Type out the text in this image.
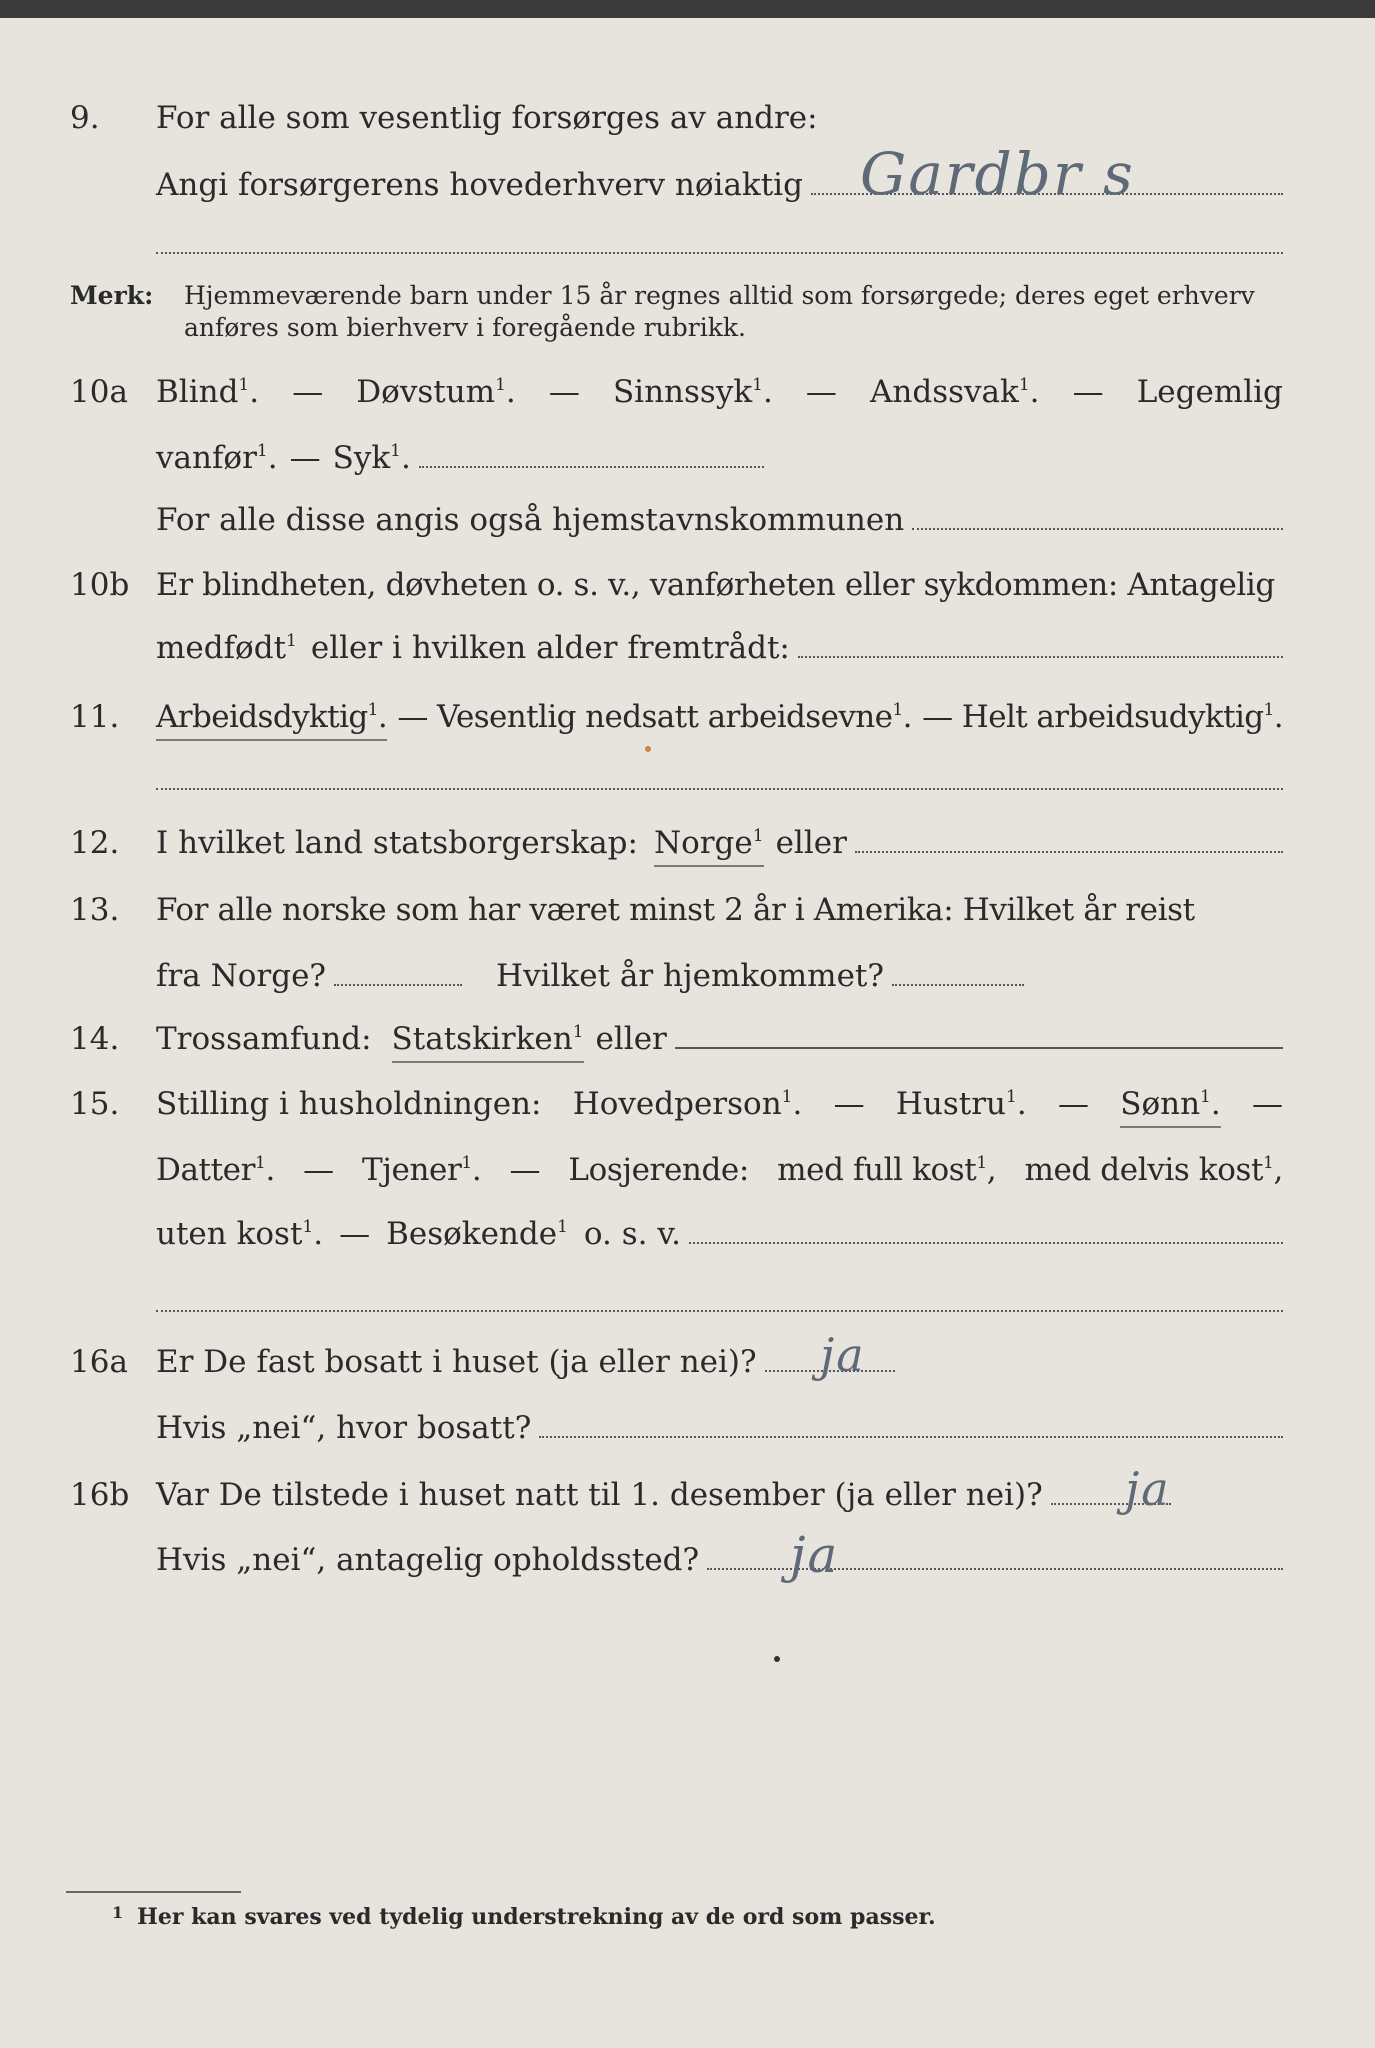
9. For alle som vesentlig forsørges av andre:
Angi forsørgerens hovederhverv nøiaktig Gardbr s
Merk: Hjemmeværende barn under 15 år regnes alltid som forsørgede; deres eget erhverv
anføres som bierhverv i foregående rubrikk.
10a Blind$^1$. — Døvstum$^1$. — Sinnssyk$^1$. — Andssvak$^1$. — Legemlig
vanfør$^1$. — Syk$^1$.
For alle disse angis også hjemstavnskommunen
10b Er blindheten, døvheten o. s. v., vanførheten eller sykdommen: Antagelig
medfødt$^1$ eller i hvilken alder fremtrådt:
11. Arbeidsdyktig$^1$. — Vesentlig nedsatt arbeidsevne$^1$. — Helt arbeidsudyktig$^1$.
12. I hvilket land statsborgerskap: Norge$^1$ eller
13. For alle norske som har været minst 2 år i Amerika: Hvilket år reist
fra Norge?	Hvilket år hjemkommet?
14. Trossamfund: Statskirken$^1$ eller
15. Stilling i husholdningen: Hovedperson$^1$. — Hustru$^1$. — Sønn$^1$. —
Datter$^1$. — Tjener$^1$. — Losjerende: med full kost$^1$, med delvis kost$^1$,
uten kost$^1$. — Besøkende$^1$ o. s. v.
16a Er De fast bosatt i huset (ja eller nei)? ja
Hvis „nei“, hvor bosatt?
16b Var De tilstede i huset natt til 1. desember (ja eller nei)? ja
Hvis „nei“, antagelig opholdssted? ja
$^1$ Her kan svares ved tydelig understrekning av de ord som passer.
